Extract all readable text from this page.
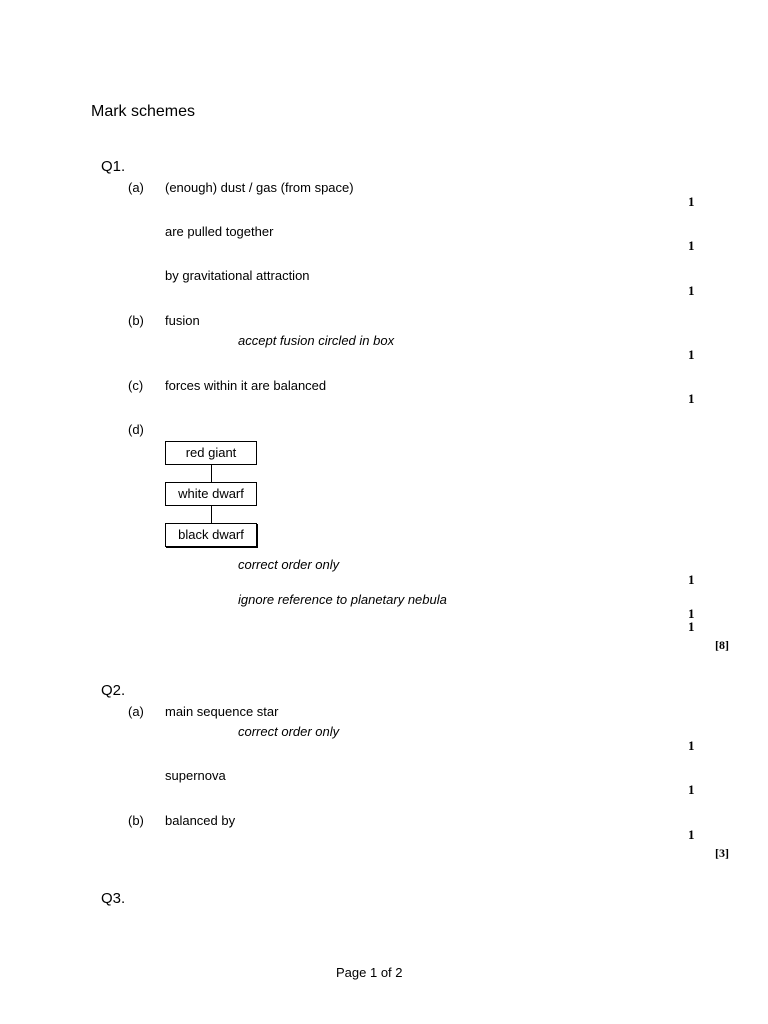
Mark schemes
Q1.
(a) (enough) dust / gas (from space)
1
are pulled together
1
by gravitational attraction
1
(b) fusion
accept fusion circled in box
1
(c) forces within it are balanced
1
(d)
red giant
white dwarf
black dwarf
correct order only
1
ignore reference to planetary nebula
1
1
[8]
Q2.
(a) main sequence star
correct order only
1
supernova
1
(b) balanced by
1
[3]
Q3.
Page 1 of 2
